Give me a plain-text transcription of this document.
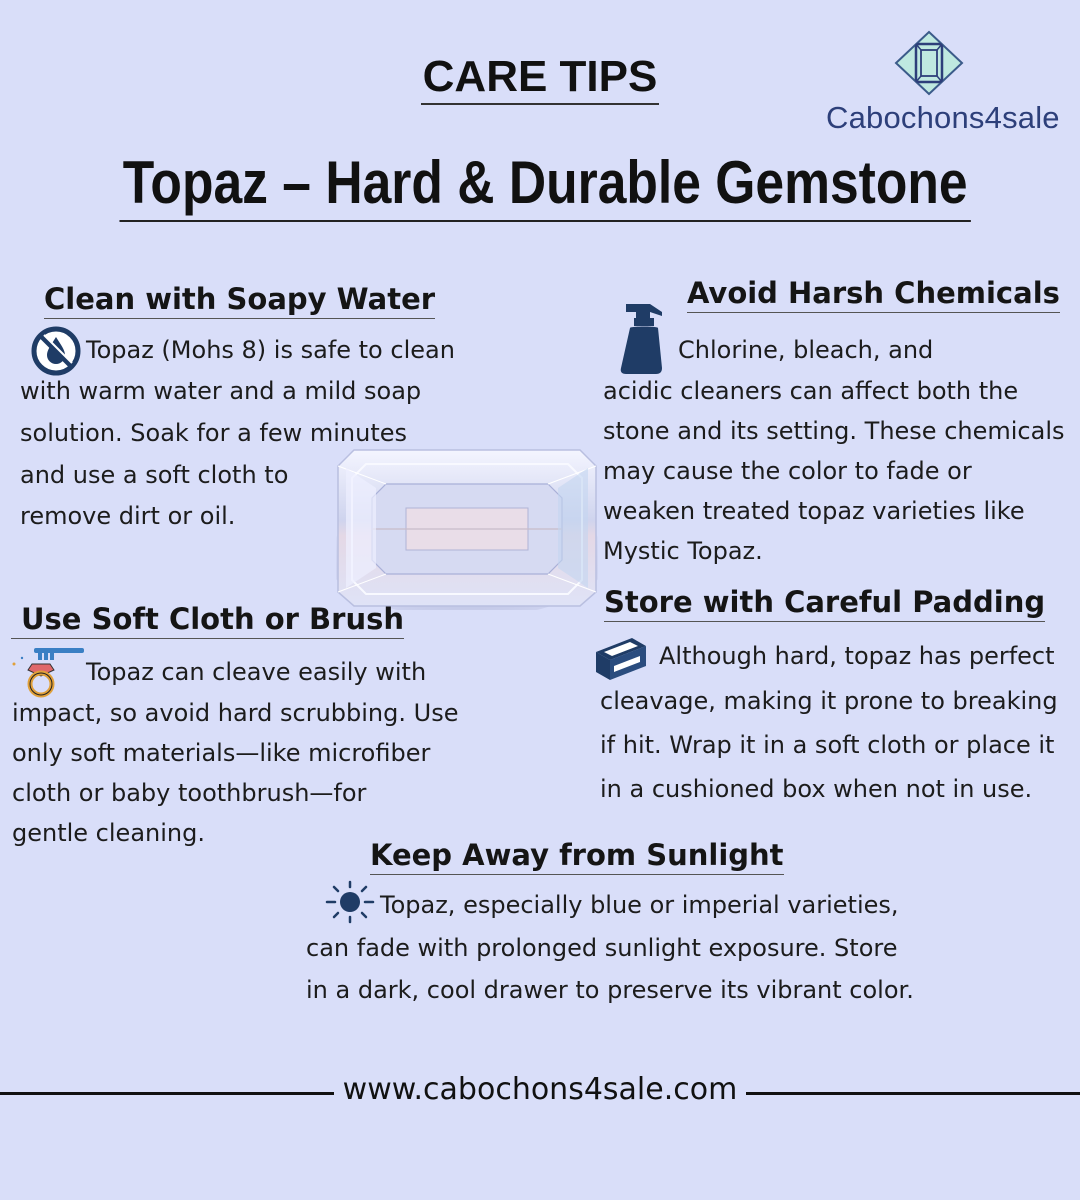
CARE TIPS
Topaz – Hard & Durable Gemstone
Cabochons4sale
Clean with Soapy Water
Topaz (Mohs 8) is safe to clean
with warm water and a mild soap
solution. Soak for a few minutes
and use a soft cloth to
remove dirt or oil.
Avoid Harsh Chemicals
Chlorine, bleach, and
acidic cleaners can affect both the
stone and its setting. These chemicals
may cause the color to fade or
weaken treated topaz varieties like
Mystic Topaz.
Store with Careful Padding
Although hard, topaz has perfect
cleavage, making it prone to breaking
if hit. Wrap it in a soft cloth or place it
in a cushioned box when not in use.
Use Soft Cloth or Brush
Topaz can cleave easily with
impact, so avoid hard scrubbing. Use
only soft materials—like microfiber
cloth or baby toothbrush—for
gentle cleaning.
Keep Away from Sunlight
Topaz, especially blue or imperial varieties,
can fade with prolonged sunlight exposure. Store
in a dark, cool drawer to preserve its vibrant color.
www.cabochons4sale.com
